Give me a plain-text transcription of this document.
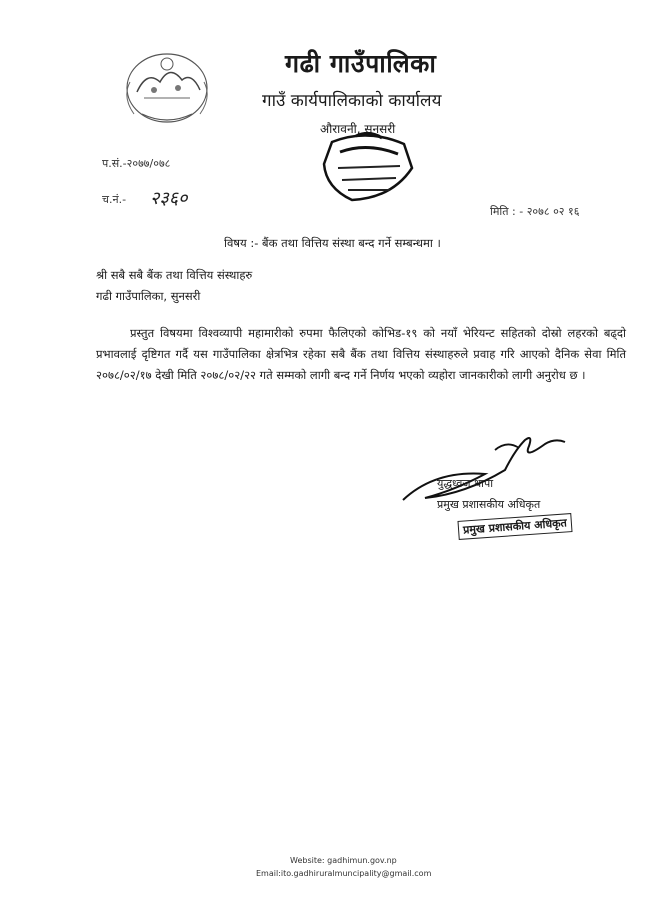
गढी गाउँपालिका
गाउँ कार्यपालिकाको कार्यालय
औरावनी, सुनसरी
प.सं.-२०७७/०७८
च.नं.- २३६०
मिति : - २०७८ ०२ १६
विषय :- बैंक तथा वित्तिय संस्था बन्द गर्ने सम्बन्धमा ।
श्री सबै सबै बैंक तथा वित्तिय संस्थाहरु
गढी गाउँपालिका, सुनसरी
प्रस्तुत विषयमा विश्वव्यापी महामारीको रुपमा फैलिएको कोभिड-१९ को नयाँ भेरियन्ट सहितको दोस्रो लहरको बढ्दो प्रभावलाई दृष्टिगत गर्दै यस गाउँपालिका क्षेत्रभित्र रहेका सबै बैंक तथा वित्तिय संस्थाहरुले प्रवाह गरि आएको दैनिक सेवा मिति २०७८/०२/१७ देखी मिति २०७८/०२/२२ गते सम्मको लागी बन्द गर्ने निर्णय भएको व्यहोरा जानकारीको लागी अनुरोध छ ।
युद्धध्वज थापा
प्रमुख प्रशासकीय अधिकृत
प्रमुख प्रशासकीय अधिकृत
Website: gadhimun.gov.np
Email:ito.gadhiruralmuncipality@gmail.com
